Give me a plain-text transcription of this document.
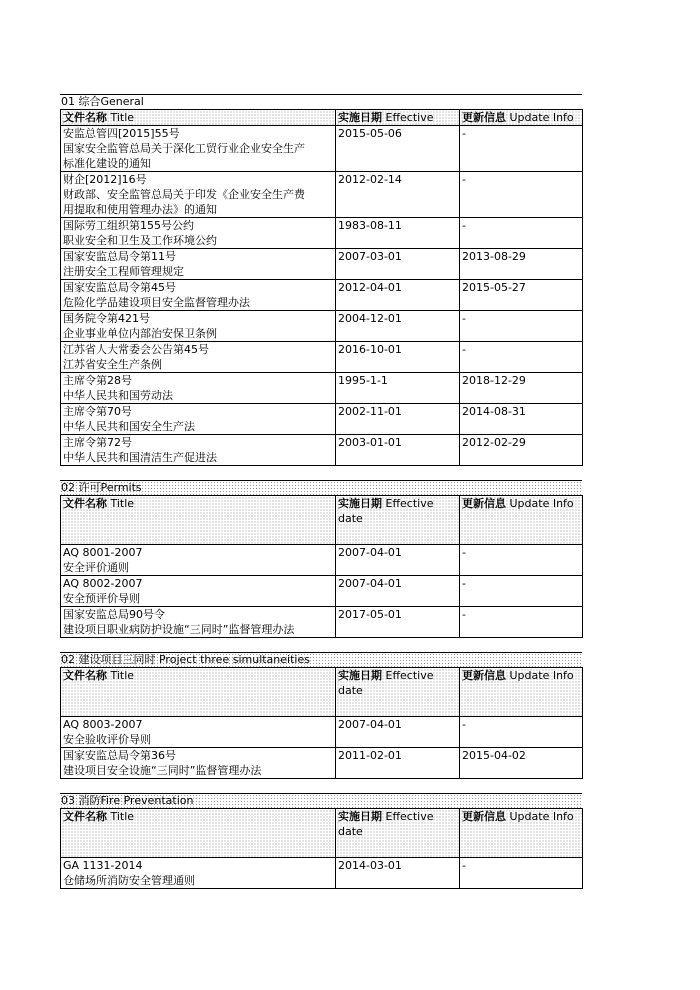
01 综合General
文件名称 Title	实施日期 Effective	更新信息 Update Info

安监总管四[2015]55号
国家安全监管总局关于深化工贸行业企业安全生产
标准化建设的通知	2015-05-06	-

财企[2012]16号
财政部、安全监管总局关于印发《企业安全生产费
用提取和使用管理办法》的通知	2012-02-14	-

国际劳工组织第155号公约
职业安全和卫生及工作环境公约	1983-08-11	-

国家安监总局令第11号
注册安全工程师管理规定	2007-03-01	2013-08-29

国家安监总局令第45号
危险化学品建设项目安全监督管理办法	2012-04-01	2015-05-27

国务院令第421号
企业事业单位内部治安保卫条例	2004-12-01	-

江苏省人大常委会公告第45号
江苏省安全生产条例	2016-10-01	-

主席令第28号
中华人民共和国劳动法	1995-1-1	2018-12-29

主席令第70号
中华人民共和国安全生产法	2002-11-01	2014-08-31

主席令第72号
中华人民共和国清洁生产促进法	2003-01-01	2012-02-29
02 许可Permits
文件名称 Title	实施日期 Effective
date	更新信息 Update Info

AQ 8001-2007
安全评价通则	2007-04-01	-

AQ 8002-2007
安全预评价导则	2007-04-01	-

国家安监总局90号令
建设项目职业病防护设施“三同时”监督管理办法	2017-05-01	-
02 建设项目三同时 Project three simultaneities
文件名称 Title	实施日期 Effective
date	更新信息 Update Info

AQ 8003-2007
安全验收评价导则	2007-04-01	-

国家安监总局令第36号
建设项目安全设施“三同时”监督管理办法	2011-02-01	2015-04-02
03 消防Fire Preventation
文件名称 Title	实施日期 Effective
date	更新信息 Update Info

GA 1131-2014
仓储场所消防安全管理通则	2014-03-01	-
